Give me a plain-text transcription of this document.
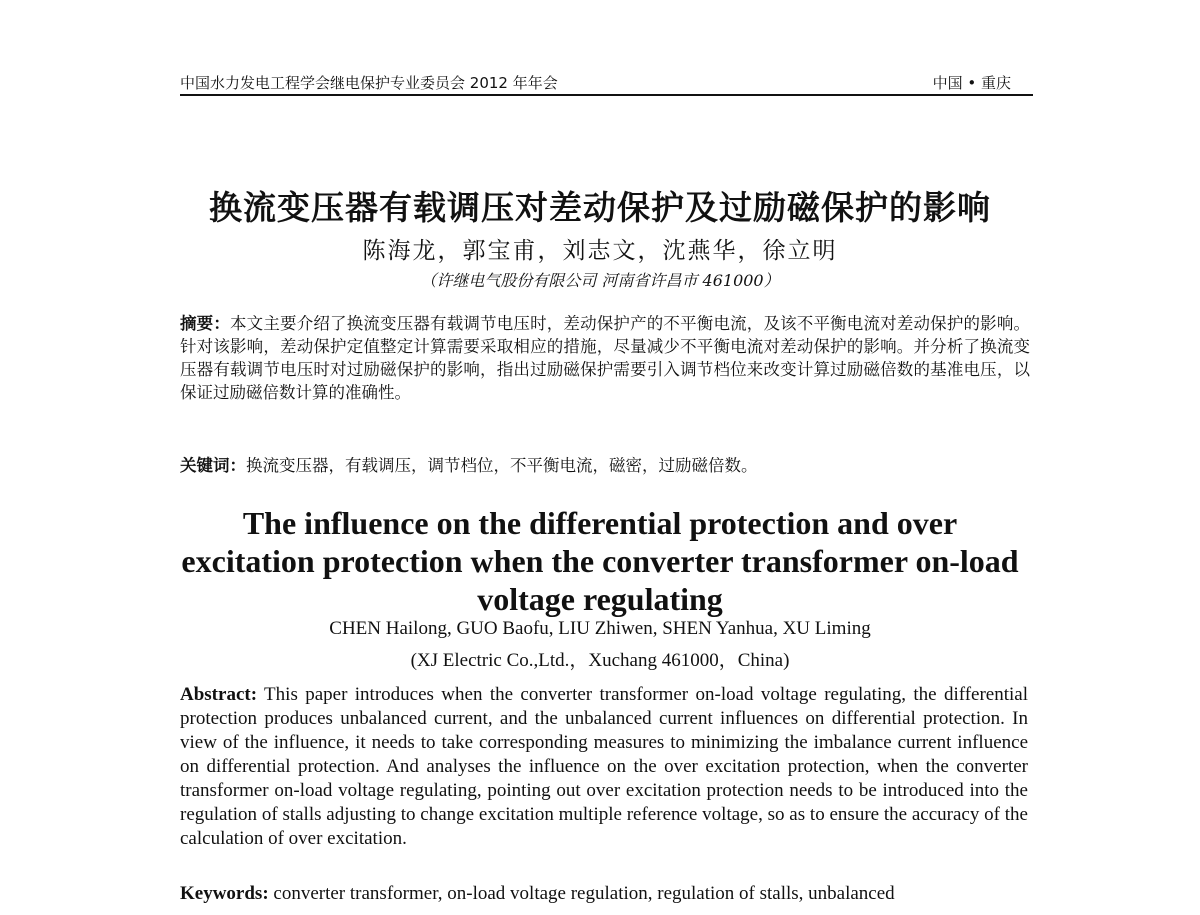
中国水力发电工程学会继电保护专业委员会 2012 年年会	中国 • 重庆
换流变压器有载调压对差动保护及过励磁保护的影响
陈海龙，郭宝甫，刘志文，沈燕华，徐立明
（许继电气股份有限公司 河南省许昌市 461000）

摘要：本文主要介绍了换流变压器有载调节电压时，差动保护产的不平衡电流，及该不平衡电流对差动保护的影响。针对该影响，差动保护定值整定计算需要采取相应的措施，尽量减少不平衡电流对差动保护的影响。并分析了换流变压器有载调节电压时对过励磁保护的影响，指出过励磁保护需要引入调节档位来改变计算过励磁倍数的基准电压，以保证过励磁倍数计算的准确性。

关键词：换流变压器，有载调压，调节档位，不平衡电流，磁密，过励磁倍数。

The influence on the differential protection and over
excitation protection when the converter transformer on-load
voltage regulating
CHEN Hailong, GUO Baofu, LIU Zhiwen, SHEN Yanhua, XU Liming
(XJ Electric Co.,Ltd.，Xuchang 461000，China)

Abstract: This paper introduces when the converter transformer on-load voltage regulating, the differential protection produces unbalanced current, and the unbalanced current influences on differential protection. In view of the influence, it needs to take corresponding measures to minimizing the imbalance current influence on differential protection. And analyses the influence on the over excitation protection, when the converter transformer on-load voltage regulating, pointing out over excitation protection needs to be introduced into the regulation of stalls adjusting to change excitation multiple reference voltage, so as to ensure the accuracy of the calculation of over excitation.

Keywords: converter transformer, on-load voltage regulation, regulation of stalls, unbalanced
